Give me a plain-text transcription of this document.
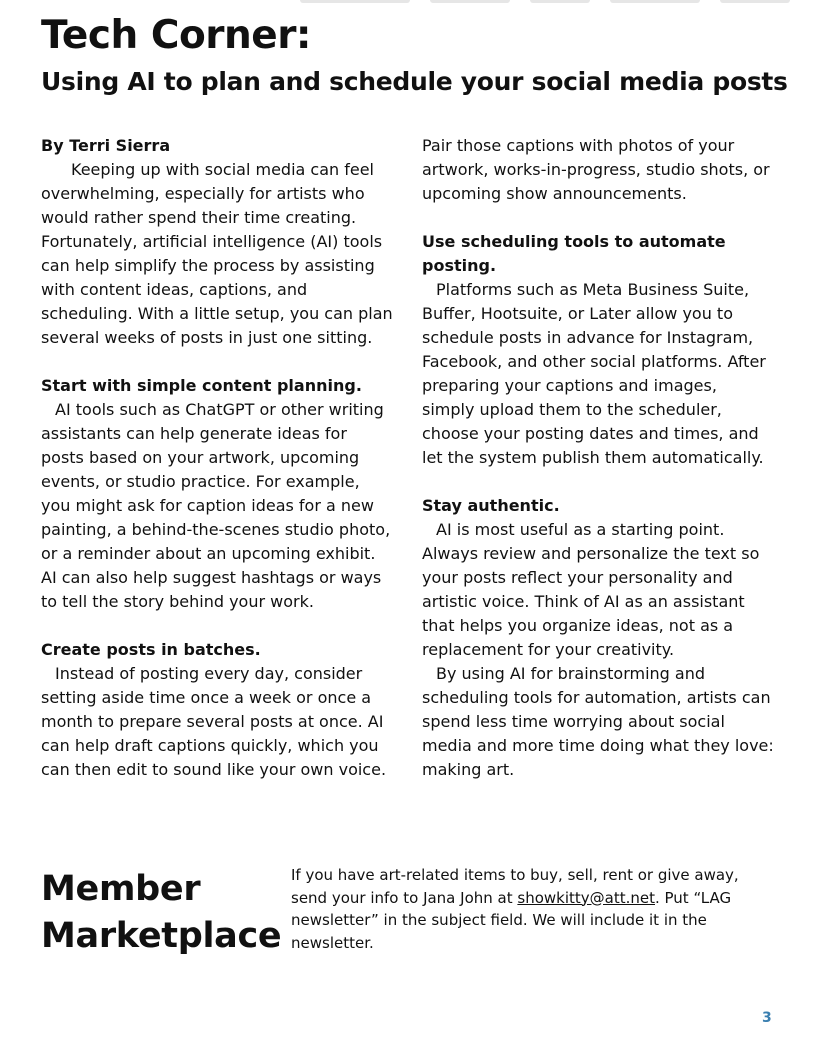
Tech Corner:
Using AI to plan and schedule your social media posts

By Terri Sierra

Keeping up with social media can feel overwhelming, especially for artists who would rather spend their time creating. Fortunately, artificial intelligence (AI) tools can help simplify the process by assisting with content ideas, captions, and scheduling. With a little setup, you can plan several weeks of posts in just one sitting.

Start with simple content planning.

AI tools such as ChatGPT or other writing assistants can help generate ideas for posts based on your artwork, upcoming events, or studio practice. For example, you might ask for caption ideas for a new painting, a behind-the-scenes studio photo, or a reminder about an upcoming exhibit. AI can also help suggest hashtags or ways to tell the story behind your work.

Create posts in batches.

Instead of posting every day, consider setting aside time once a week or once a month to prepare several posts at once. AI can help draft captions quickly, which you can then edit to sound like your own voice.

Pair those captions with photos of your artwork, works-in-progress, studio shots, or upcoming show announcements.

Use scheduling tools to automate posting.

Platforms such as Meta Business Suite, Buffer, Hootsuite, or Later allow you to schedule posts in advance for Instagram, Facebook, and other social platforms. After preparing your captions and images, simply upload them to the scheduler, choose your posting dates and times, and let the system publish them automatically.

Stay authentic.

AI is most useful as a starting point. Always review and personalize the text so your posts reflect your personality and artistic voice. Think of AI as an assistant that helps you organize ideas, not as a replacement for your creativity.

By using AI for brainstorming and scheduling tools for automation, artists can spend less time worrying about social media and more time doing what they love: making art.

Member
Marketplace

If you have art-related items to buy, sell, rent or give away, send your info to Jana John at showkitty@att.net. Put “LAG newsletter” in the subject field. We will include it in the newsletter.

3
